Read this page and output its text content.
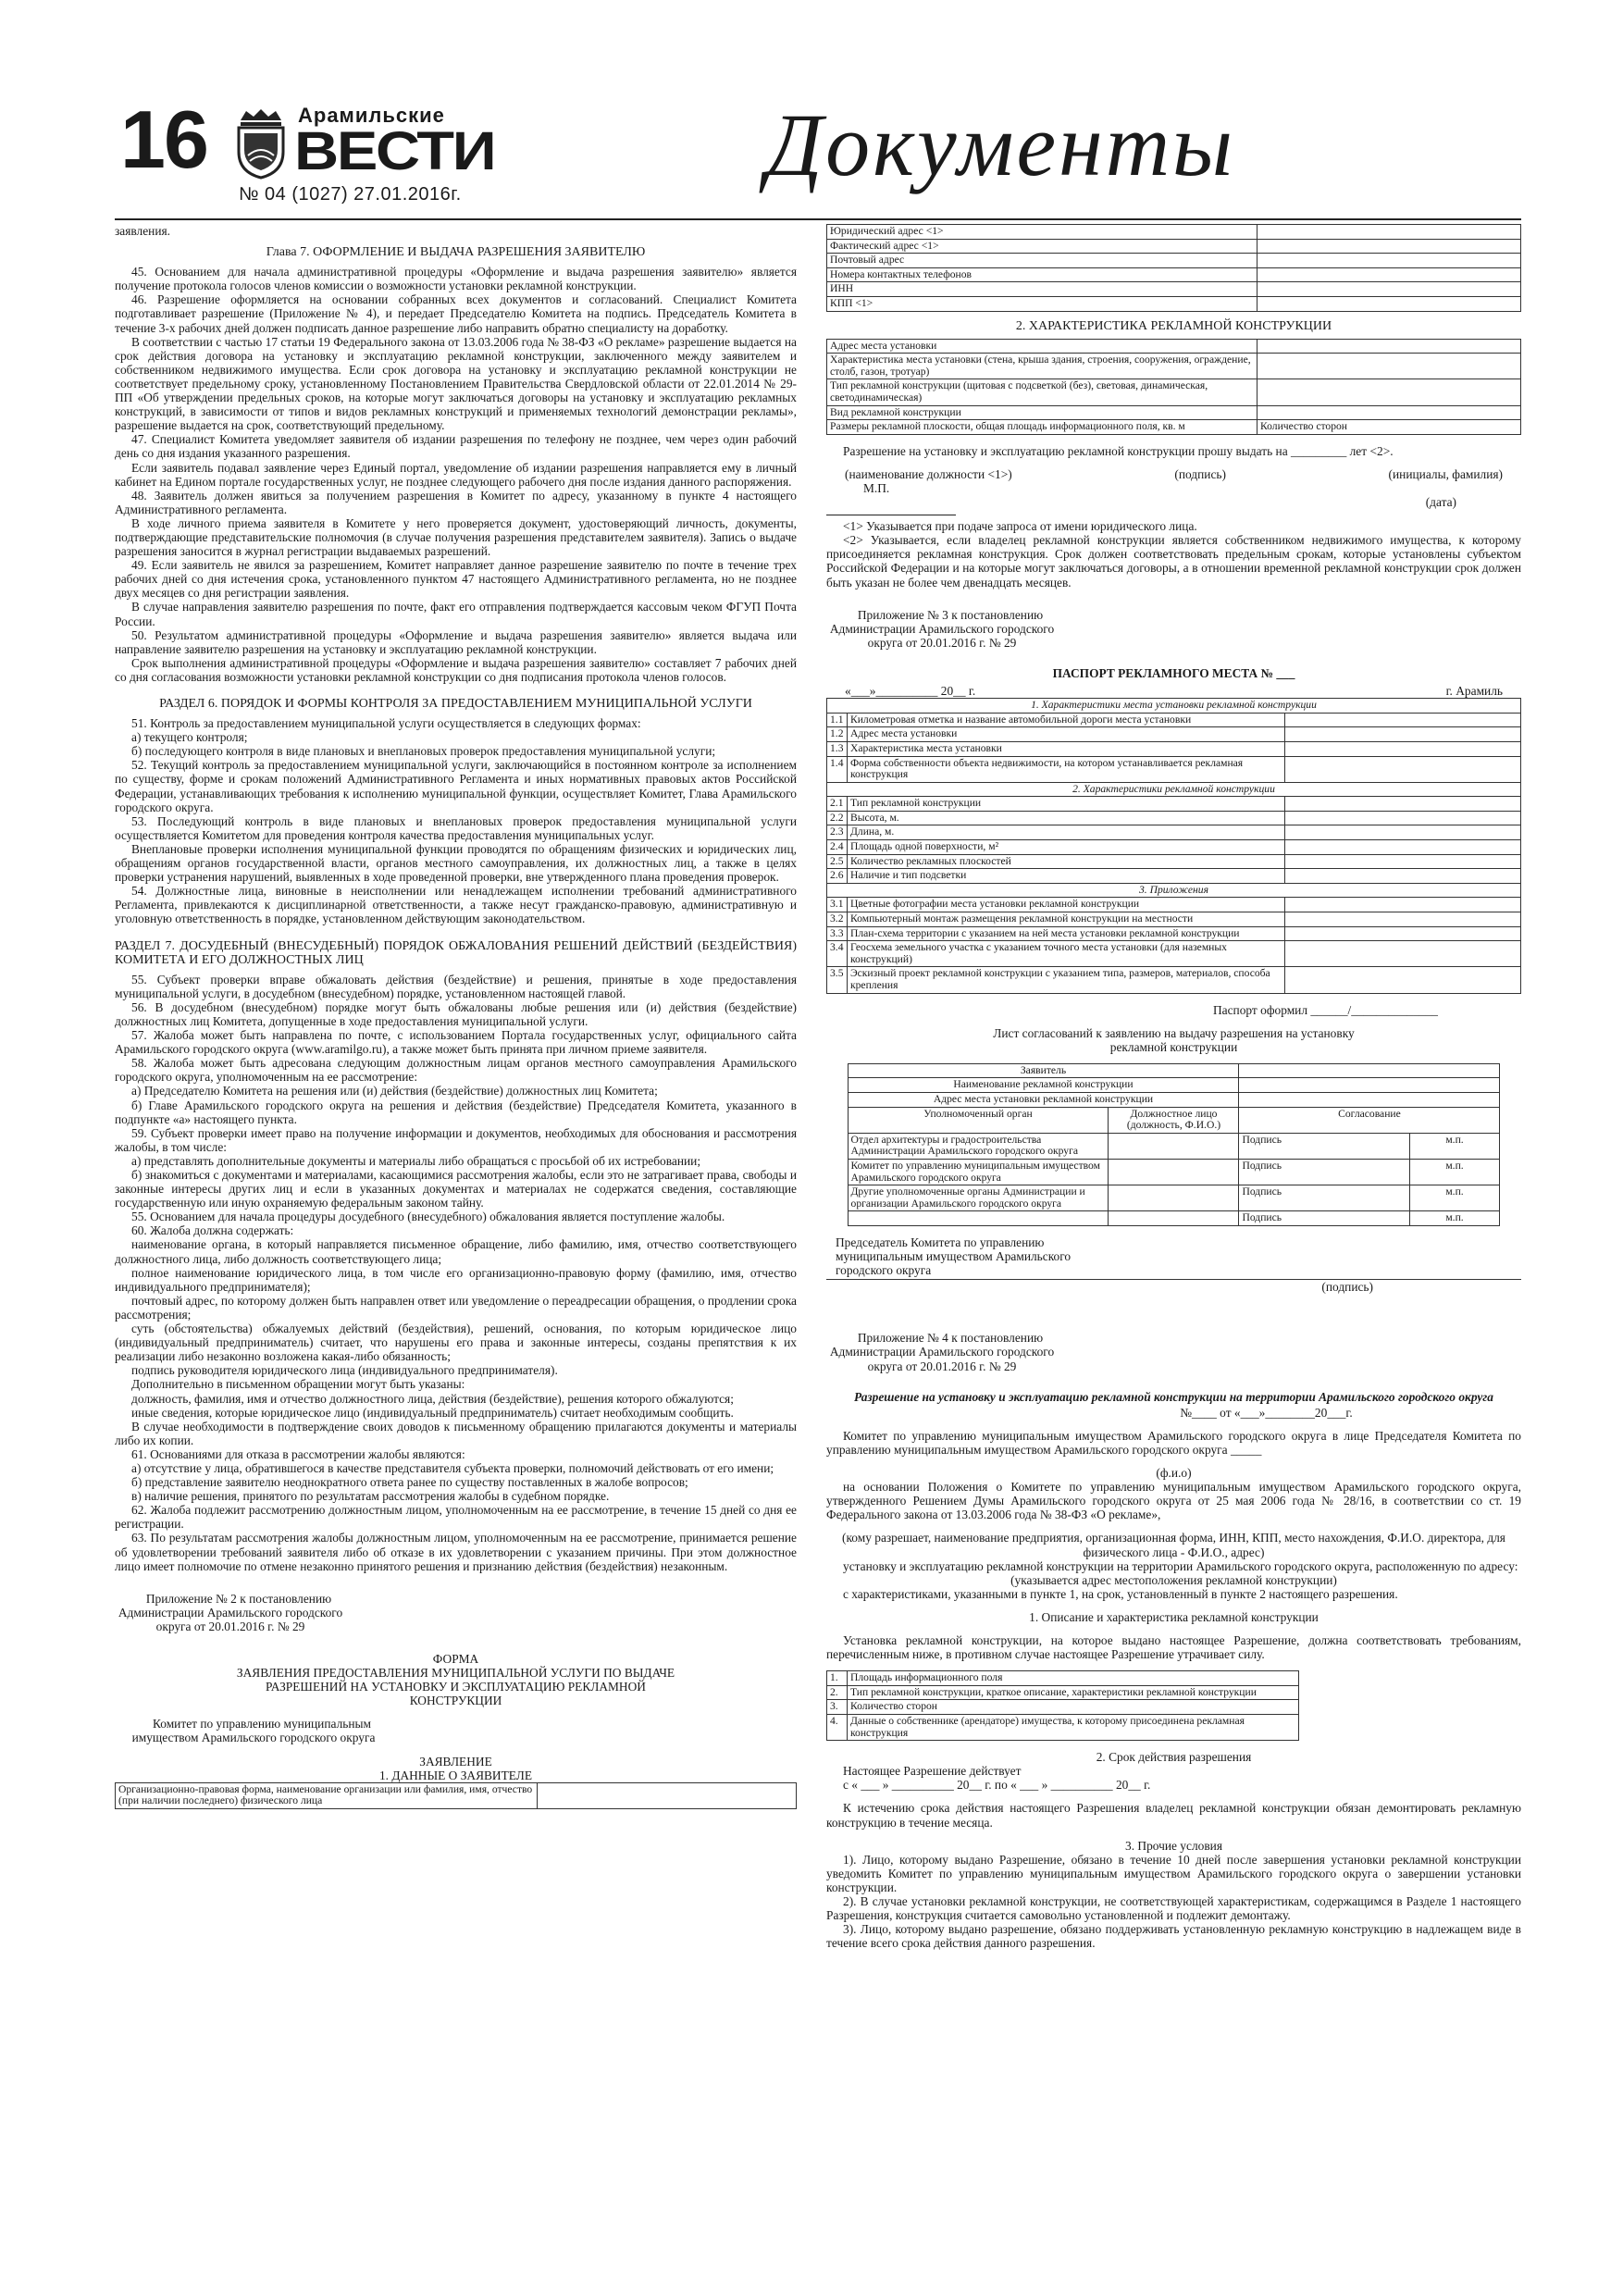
16	Арамильские
ВЕСТИ
№ 04 (1027) 27.01.2016г.	Документы

заявления.

Глава 7. ОФОРМЛЕНИЕ И ВЫДАЧА РАЗРЕШЕНИЯ ЗАЯВИТЕЛЮ

45. Основанием для начала административной процедуры «Оформление и выдача разрешения заявителю» является получение протокола голосов членов комиссии о возможности установки рекламной конструкции.

46. Разрешение оформляется на основании собранных всех документов и согласований. Специалист Комитета подготавливает разрешение (Приложение № 4), и передает Председателю Комитета на подпись. Председатель Комитета в течение 3-х рабочих дней должен подписать данное разрешение либо направить обратно специалисту на доработку.

В соответствии с частью 17 статьи 19 Федерального закона от 13.03.2006 года № 38-ФЗ «О рекламе» разрешение выдается на срок действия договора на установку и эксплуатацию рекламной конструкции, заключенного между заявителем и собственником недвижимого имущества. Если срок договора на установку и эксплуатацию рекламной конструкции не соответствует предельному сроку, установленному Постановлением Правительства Свердловской области от 22.01.2014 № 29-ПП «Об утверждении предельных сроков, на которые могут заключаться договоры на установку и эксплуатацию рекламных конструкций, в зависимости от типов и видов рекламных конструкций и применяемых технологий демонстрации рекламы», разрешение выдается на срок, соответствующий предельному.

47. Специалист Комитета уведомляет заявителя об издании разрешения по телефону не позднее, чем через один рабочий день со дня издания указанного разрешения.

Если заявитель подавал заявление через Единый портал, уведомление об издании разрешения направляется ему в личный кабинет на Едином портале государственных услуг, не позднее следующего рабочего дня после издания данного распоряжения.

48. Заявитель должен явиться за получением разрешения в Комитет по адресу, указанному в пункте 4 настоящего Административного регламента.

В ходе личного приема заявителя в Комитете у него проверяется документ, удостоверяющий личность, документы, подтверждающие представительские полномочия (в случае получения разрешения представителем заявителя). Запись о выдаче разрешения заносится в журнал регистрации выдаваемых разрешений.

49. Если заявитель не явился за разрешением, Комитет направляет данное разрешение заявителю по почте в течение трех рабочих дней со дня истечения срока, установленного пунктом 47 настоящего Административного регламента, но не позднее двух месяцев со дня регистрации заявления.

В случае направления заявителю разрешения по почте, факт его отправления подтверждается кассовым чеком ФГУП Почта России.

50. Результатом административной процедуры «Оформление и выдача разрешения заявителю» является выдача или направление заявителю разрешения на установку и эксплуатацию рекламной конструкции.

Срок выполнения административной процедуры «Оформление и выдача разрешения заявителю» составляет 7 рабочих дней со дня согласования возможности установки рекламной конструкции со дня подписания протокола членов голосов.

РАЗДЕЛ 6. ПОРЯДОК И ФОРМЫ КОНТРОЛЯ ЗА ПРЕДОСТАВЛЕНИЕМ МУНИЦИПАЛЬНОЙ УСЛУГИ

51. Контроль за предоставлением муниципальной услуги осуществляется в следующих формах:

а) текущего контроля;

б) последующего контроля в виде плановых и внеплановых проверок предоставления муниципальной услуги;

52. Текущий контроль за предоставлением муниципальной услуги, заключающийся в постоянном контроле за исполнением по существу, форме и срокам положений Административного Регламента и иных нормативных правовых актов Российской Федерации, устанавливающих требования к исполнению муниципальной функции, осуществляет Комитет, Глава Арамильского городского округа.

53. Последующий контроль в виде плановых и внеплановых проверок предоставления муниципальной услуги осуществляется Комитетом для проведения контроля качества предоставления муниципальных услуг.

Внеплановые проверки исполнения муниципальной функции проводятся по обращениям физических и юридических лиц, обращениям органов государственной власти, органов местного самоуправления, их должностных лиц, а также в целях проверки устранения нарушений, выявленных в ходе проведенной проверки, вне утвержденного плана проведения проверок.

54. Должностные лица, виновные в неисполнении или ненадлежащем исполнении требований административного Регламента, привлекаются к дисциплинарной ответственности, а также несут гражданско-правовую, административную и уголовную ответственность в порядке, установленном действующим законодательством.

РАЗДЕЛ 7. ДОСУДЕБНЫЙ (ВНЕСУДЕБНЫЙ) ПОРЯДОК ОБЖАЛОВАНИЯ РЕШЕНИЙ ДЕЙСТВИЙ (БЕЗДЕЙСТВИЯ) КОМИТЕТА И ЕГО ДОЛЖНОСТНЫХ ЛИЦ

55. Субъект проверки вправе обжаловать действия (бездействие) и решения, принятые в ходе предоставления муниципальной услуги, в досудебном (внесудебном) порядке, установленном настоящей главой.

56. В досудебном (внесудебном) порядке могут быть обжалованы любые решения или (и) действия (бездействие) должностных лиц Комитета, допущенные в ходе предоставления муниципальной услуги.

57. Жалоба может быть направлена по почте, с использованием Портала государственных услуг, официального сайта Арамильского городского округа (www.aramilgo.ru), а также может быть принята при личном приеме заявителя.

58. Жалоба может быть адресована следующим должностным лицам органов местного самоуправления Арамильского городского округа, уполномоченным на ее рассмотрение:

а) Председателю Комитета на решения или (и) действия (бездействие) должностных лиц Комитета;

б) Главе Арамильского городского округа на решения и действия (бездействие) Председателя Комитета, указанного в подпункте «а» настоящего пункта.

59. Субъект проверки имеет право на получение информации и документов, необходимых для обоснования и рассмотрения жалобы, в том числе:

а) представлять дополнительные документы и материалы либо обращаться с просьбой об их истребовании;

б) знакомиться с документами и материалами, касающимися рассмотрения жалобы, если это не затрагивает права, свободы и законные интересы других лиц и если в указанных документах и материалах не содержатся сведения, составляющие государственную или иную охраняемую федеральным законом тайну.

55. Основанием для начала процедуры досудебного (внесудебного) обжалования является поступление жалобы.

60. Жалоба должна содержать:

наименование органа, в который направляется письменное обращение, либо фамилию, имя, отчество соответствующего должностного лица, либо должность соответствующего лица;

полное наименование юридического лица, в том числе его организационно-правовую форму (фамилию, имя, отчество индивидуального предпринимателя);

почтовый адрес, по которому должен быть направлен ответ или уведомление о переадресации обращения, о продлении срока рассмотрения;

суть (обстоятельства) обжалуемых действий (бездействия), решений, основания, по которым юридическое лицо (индивидуальный предприниматель) считает, что нарушены его права и законные интересы, созданы препятствия к их реализации либо незаконно возложена какая-либо обязанность;

подпись руководителя юридического лица (индивидуального предпринимателя).

Дополнительно в письменном обращении могут быть указаны:

должность, фамилия, имя и отчество должностного лица, действия (бездействие), решения которого обжалуются;

иные сведения, которые юридическое лицо (индивидуальный предприниматель) считает необходимым сообщить.

В случае необходимости в подтверждение своих доводов к письменному обращению прилагаются документы и материалы либо их копии.

61. Основаниями для отказа в рассмотрении жалобы являются:

а) отсутствие у лица, обратившегося в качестве представителя субъекта проверки, полномочий действовать от его имени;

б) представление заявителю неоднократного ответа ранее по существу поставленных в жалобе вопросов;

в) наличие решения, принятого по результатам рассмотрения жалобы в судебном порядке.

62. Жалоба подлежит рассмотрению должностным лицом, уполномоченным на ее рассмотрение, в течение 15 дней со дня ее регистрации.

63. По результатам рассмотрения жалобы должностным лицом, уполномоченным на ее рассмотрение, принимается решение об удовлетворении требований заявителя либо об отказе в их удовлетворении с указанием причины. При этом должностное лицо имеет полномочие по отмене незаконно принятого решения и признанию действия (бездействия) незаконным.

Приложение № 2 к постановлению Администрации Арамильского городского округа от 20.01.2016 г. № 29

ФОРМА

ЗАЯВЛЕНИЯ ПРЕДОСТАВЛЕНИЯ МУНИЦИПАЛЬНОЙ УСЛУГИ ПО ВЫДАЧЕ РАЗРЕШЕНИЙ НА УСТАНОВКУ И ЭКСПЛУАТАЦИЮ РЕКЛАМНОЙ КОНСТРУКЦИИ

Комитет по управлению муниципальным имуществом Арамильского городского округа

ЗАЯВЛЕНИЕ

1. ДАННЫЕ О ЗАЯВИТЕЛЕ

Организационно-правовая форма, наименование организации или фамилия, имя, отчество (при наличии последнего) физического лица	
Юридический адрес <1>	
Фактический адрес <1>	
Почтовый адрес	
Номера контактных телефонов	
ИНН	
КПП <1>	

2. ХАРАКТЕРИСТИКА РЕКЛАМНОЙ КОНСТРУКЦИИ

Адрес места установки	
Характеристика места установки (стена, крыша здания, строения, сооружения, ограждение, столб, газон, тротуар)	
Тип рекламной конструкции (щитовая с подсветкой (без), световая, динамическая, светодинамическая)	
Вид рекламной конструкции	
Размеры рекламной плоскости, общая площадь информационного поля, кв. м	Количество сторон

Разрешение на установку и эксплуатацию рекламной конструкции прошу выдать на _________ лет <2>.

(наименование должности <1>)	(подпись)	(инициалы, фамилия)

М.П.

(дата)

<1> Указывается при подаче запроса от имени юридического лица.

<2> Указывается, если владелец рекламной конструкции является собственником недвижимого имущества, к которому присоединяется рекламная конструкция. Срок должен соответствовать предельным срокам, которые установлены субъектом Российской Федерации и на которые могут заключаться договоры, а в отношении временной рекламной конструкции срок должен быть указан не более чем двенадцать месяцев.

Приложение № 3 к постановлению Администрации Арамильского городского округа от 20.01.2016 г. № 29

ПАСПОРТ РЕКЛАМНОГО МЕСТА № ___

«___»__________ 20__ г.	г. Арамиль
1. Характеристики места установки рекламной конструкции		
1.1	Километровая отметка и название автомобильной дороги места установки	
1.2	Адрес места установки	
1.3	Характеристика места установки	
1.4	Форма собственности объекта недвижимости, на котором устанавливается рекламная конструкция	
2. Характеристики рекламной конструкции		
2.1	Тип рекламной конструкции	
2.2	Высота, м.	
2.3	Длина, м.	
2.4	Площадь одной поверхности, м²	
2.5	Количество рекламных плоскостей	
2.6	Наличие и тип подсветки	
3. Приложения		
3.1	Цветные фотографии места установки рекламной конструкции	
3.2	Компьютерный монтаж размещения рекламной конструкции на местности	
3.3	План-схема территории с указанием на ней места установки рекламной конструкции	
3.4	Геосхема земельного участка с указанием точного места установки (для наземных конструкций)	
3.5	Эскизный проект рекламной конструкции с указанием типа, размеров, материалов, способа крепления	

Паспорт оформил ______/______________

Лист согласований к заявлению на выдачу разрешения на установку рекламной конструкции

Заявитель			
Наименование рекламной конструкции			
Адрес места установки рекламной конструкции			
Уполномоченный орган	Должностное лицо (должность, Ф.И.О.)	Согласование	
Отдел архитектуры и градостроительства Администрации Арамильского городского округа		Подпись	м.п.
Комитет по управлению муниципальным имуществом Арамильского городского округа		Подпись	м.п.
Другие уполномоченные органы Администрации и организации Арамильского городского округа		Подпись	м.п.
		Подпись	м.п.

Председатель Комитета по управлению муниципальным имуществом Арамильского городского округа

(подпись)

Приложение № 4 к постановлению Администрации Арамильского городского округа от 20.01.2016 г. № 29

Разрешение на установку и эксплуатацию рекламной конструкции на территории Арамильского городского округа

№____ от «___»________20___г.

Комитет по управлению муниципальным имуществом Арамильского городского округа в лице Председателя Комитета по управлению муниципальным имуществом Арамильского городского округа _____

(ф.и.о)

на основании Положения о Комитете по управлению муниципальным имуществом Арамильского городского округа, утвержденного Решением Думы Арамильского городского округа от 25 мая 2006 года № 28/16, в соответствии со ст. 19 Федерального закона от 13.03.2006 года № 38-ФЗ «О рекламе»,

(кому разрешает, наименование предприятия, организационная форма, ИНН, КПП, место нахождения, Ф.И.О. директора, для физического лица - Ф.И.О., адрес)

установку и эксплуатацию рекламной конструкции на территории Арамильского городского округа, расположенную по адресу:

(указывается адрес местоположения рекламной конструкции)

с характеристиками, указанными в пункте 1, на срок, установленный в пункте 2 настоящего разрешения.

1. Описание и характеристика рекламной конструкции

Установка рекламной конструкции, на которое выдано настоящее Разрешение, должна соответствовать требованиям, перечисленным ниже, в противном случае настоящее Разрешение утрачивает силу.

1.	Площадь информационного поля
2.	Тип рекламной конструкции, краткое описание, характеристики рекламной конструкции
3.	Количество сторон
4.	Данные о собственнике (арендаторе) имущества, к которому присоединена рекламная конструкция

2. Срок действия разрешения

Настоящее Разрешение действует

с « ___ » __________ 20__ г. по « ___ » __________ 20__ г.

К истечению срока действия настоящего Разрешения владелец рекламной конструкции обязан демонтировать рекламную конструкцию в течение месяца.

3. Прочие условия

1). Лицо, которому выдано Разрешение, обязано в течение 10 дней после завершения установки рекламной конструкции уведомить Комитет по управлению муниципальным имуществом Арамильского городского округа о завершении установки конструкции.

2). В случае установки рекламной конструкции, не соответствующей характеристикам, содержащимся в Разделе 1 настоящего Разрешения, конструкция считается самовольно установленной и подлежит демонтажу.

3). Лицо, которому выдано разрешение, обязано поддерживать установленную рекламную конструкцию в надлежащем виде в течение всего срока действия данного разрешения.
